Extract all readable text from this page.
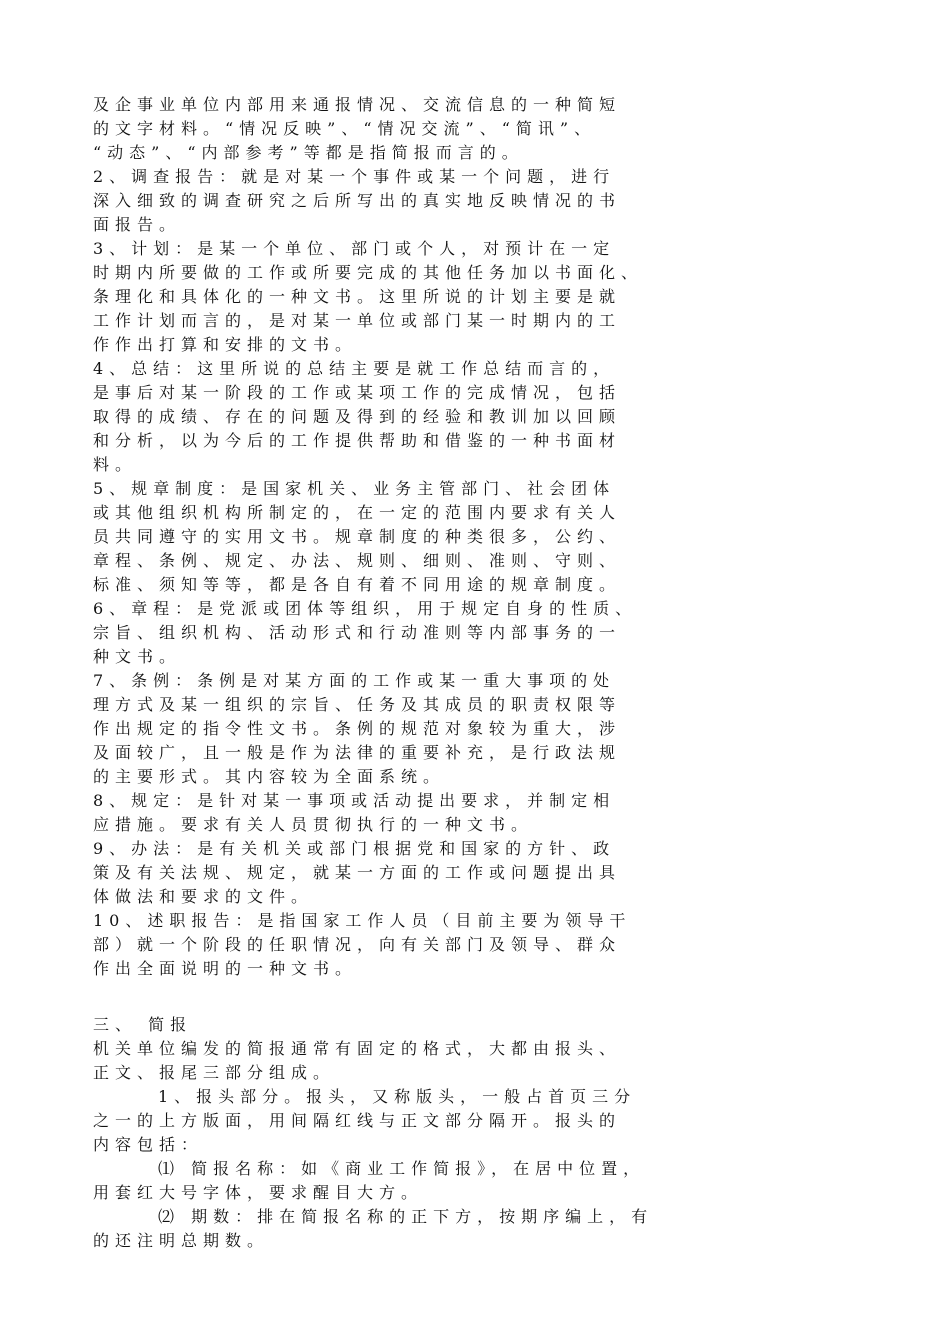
及企事业单位内部用来通报情况、交流信息的一种简短
的文字材料。“情况反映”、“情况交流”、“简讯”、
“动态”、“内部参考”等都是指简报而言的。
2、调查报告：就是对某一个事件或某一个问题，进行
深入细致的调查研究之后所写出的真实地反映情况的书
面报告。
3、计划：是某一个单位、部门或个人，对预计在一定
时期内所要做的工作或所要完成的其他任务加以书面化、
条理化和具体化的一种文书。这里所说的计划主要是就
工作计划而言的，是对某一单位或部门某一时期内的工
作作出打算和安排的文书。
4、总结：这里所说的总结主要是就工作总结而言的，
是事后对某一阶段的工作或某项工作的完成情况，包括
取得的成绩、存在的问题及得到的经验和教训加以回顾
和分析，以为今后的工作提供帮助和借鉴的一种书面材
料。
5、规章制度：是国家机关、业务主管部门、社会团体
或其他组织机构所制定的，在一定的范围内要求有关人
员共同遵守的实用文书。规章制度的种类很多，公约、
章程、条例、规定、办法、规则、细则、准则、守则、
标准、须知等等，都是各自有着不同用途的规章制度。
6、章程：是党派或团体等组织，用于规定自身的性质、
宗旨、组织机构、活动形式和行动准则等内部事务的一
种文书。
7、条例：条例是对某方面的工作或某一重大事项的处
理方式及某一组织的宗旨、任务及其成员的职责权限等
作出规定的指令性文书。条例的规范对象较为重大，涉
及面较广，且一般是作为法律的重要补充，是行政法规
的主要形式。其内容较为全面系统。
8、规定：是针对某一事项或活动提出要求，并制定相
应措施。要求有关人员贯彻执行的一种文书。
9、办法：是有关机关或部门根据党和国家的方针、政
策及有关法规、规定，就某一方面的工作或问题提出具
体做法和要求的文件。
10、述职报告：是指国家工作人员（目前主要为领导干
部）就一个阶段的任职情况，向有关部门及领导、群众
作出全面说明的一种文书。
三、 简报
机关单位编发的简报通常有固定的格式，大都由报头、
正文、报尾三部分组成。
1、报头部分。报头，又称版头，一般占首页三分
之一的上方版面，用间隔红线与正文部分隔开。报头的
内容包括：
⑴ 简报名称：如《商业工作简报》，在居中位置，
用套红大号字体，要求醒目大方。
⑵ 期数：排在简报名称的正下方，按期序编上，有
的还注明总期数。
